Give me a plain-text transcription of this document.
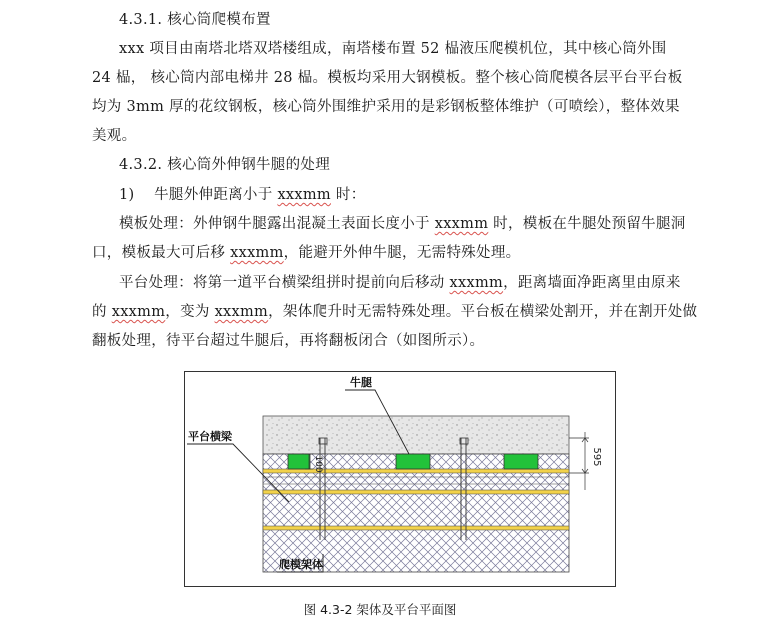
4.3.1. 核心筒爬模布置
xxx 项目由南塔北塔双塔楼组成，南塔楼布置 52 榀液压爬模机位，其中核心筒外围
24 榀， 核心筒内部电梯井 28 榀。模板均采用大钢模板。整个核心筒爬模各层平台平台板
均为 3mm 厚的花纹钢板，核心筒外围维护采用的是彩钢板整体维护（可喷绘），整体效果
美观。
4.3.2. 核心筒外伸钢牛腿的处理
1) 牛腿外伸距离小于 xxxmm 时：
模板处理：外伸钢牛腿露出混凝土表面长度小于 xxxmm 时，模板在牛腿处预留牛腿洞
口，模板最大可后移 xxxmm，能避开外伸牛腿，无需特殊处理。
平台处理：将第一道平台横梁组拼时提前向后移动 xxxmm，距离墙面净距离里由原来
的 xxxmm，变为 xxxmm，架体爬升时无需特殊处理。平台板在横梁处割开，并在割开处做
翻板处理，待平台超过牛腿后，再将翻板闭合（如图所示）。
100	595
牛腿
平台横梁
爬模架体
图 4.3-2 架体及平台平面图
